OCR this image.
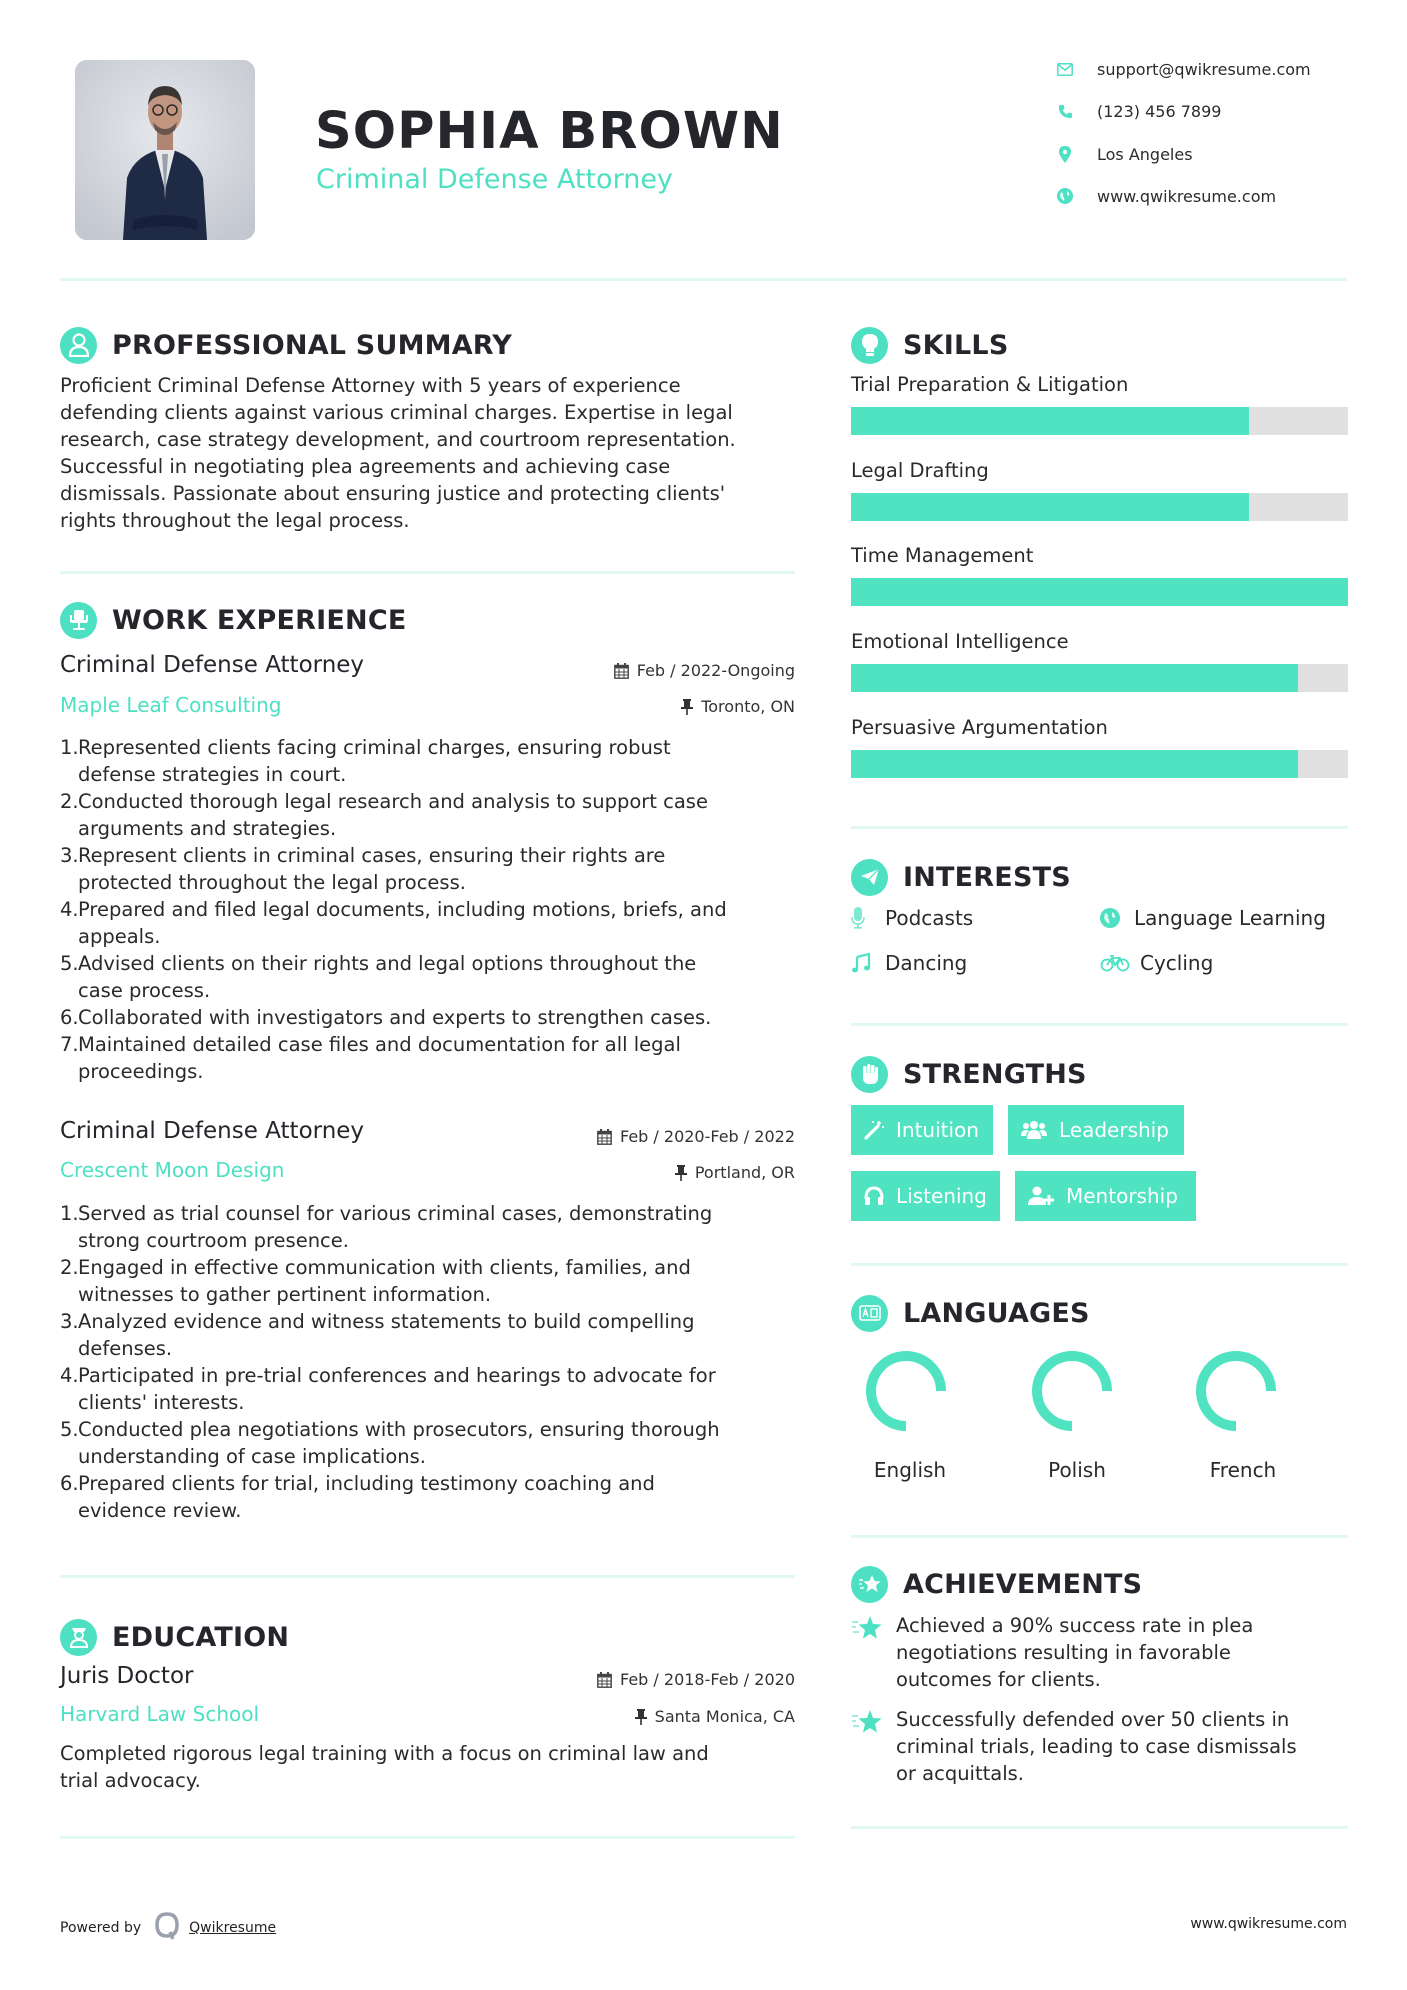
SOPHIA BROWN
Criminal Defense Attorney
support@qwikresume.com
(123) 456 7899
Los Angeles
www.qwikresume.com
PROFESSIONAL SUMMARY
Proficient Criminal Defense Attorney with 5 years of experience
defending clients against various criminal charges. Expertise in legal
research, case strategy development, and courtroom representation.
Successful in negotiating plea agreements and achieving case
dismissals. Passionate about ensuring justice and protecting clients'
rights throughout the legal process.
WORK EXPERIENCE
Criminal Defense Attorney	Feb / 2022-Ongoing
Maple Leaf Consulting	Toronto, ON
1. Represented clients facing criminal charges, ensuring robust
defense strategies in court.
2. Conducted thorough legal research and analysis to support case
arguments and strategies.
3. Represent clients in criminal cases, ensuring their rights are
protected throughout the legal process.
4. Prepared and filed legal documents, including motions, briefs, and
appeals.
5. Advised clients on their rights and legal options throughout the
case process.
6. Collaborated with investigators and experts to strengthen cases.
7. Maintained detailed case files and documentation for all legal
proceedings.
Criminal Defense Attorney	Feb / 2020-Feb / 2022
Crescent Moon Design	Portland, OR
1. Served as trial counsel for various criminal cases, demonstrating
strong courtroom presence.
2. Engaged in effective communication with clients, families, and
witnesses to gather pertinent information.
3. Analyzed evidence and witness statements to build compelling
defenses.
4. Participated in pre-trial conferences and hearings to advocate for
clients' interests.
5. Conducted plea negotiations with prosecutors, ensuring thorough
understanding of case implications.
6. Prepared clients for trial, including testimony coaching and
evidence review.
EDUCATION
Juris Doctor	Feb / 2018-Feb / 2020
Harvard Law School	Santa Monica, CA
Completed rigorous legal training with a focus on criminal law and
trial advocacy.
SKILLS
Trial Preparation & Litigation
Legal Drafting
Time Management
Emotional Intelligence
Persuasive Argumentation
INTERESTS
Podcasts	Language Learning
Dancing	Cycling
STRENGTHS
Intuition	Leadership
Listening	Mentorship
LANGUAGES
English	Polish	French
ACHIEVEMENTS
Achieved a 90% success rate in plea
negotiations resulting in favorable
outcomes for clients.
Successfully defended over 50 clients in
criminal trials, leading to case dismissals
or acquittals.
Powered by	Qwikresume	www.qwikresume.com
